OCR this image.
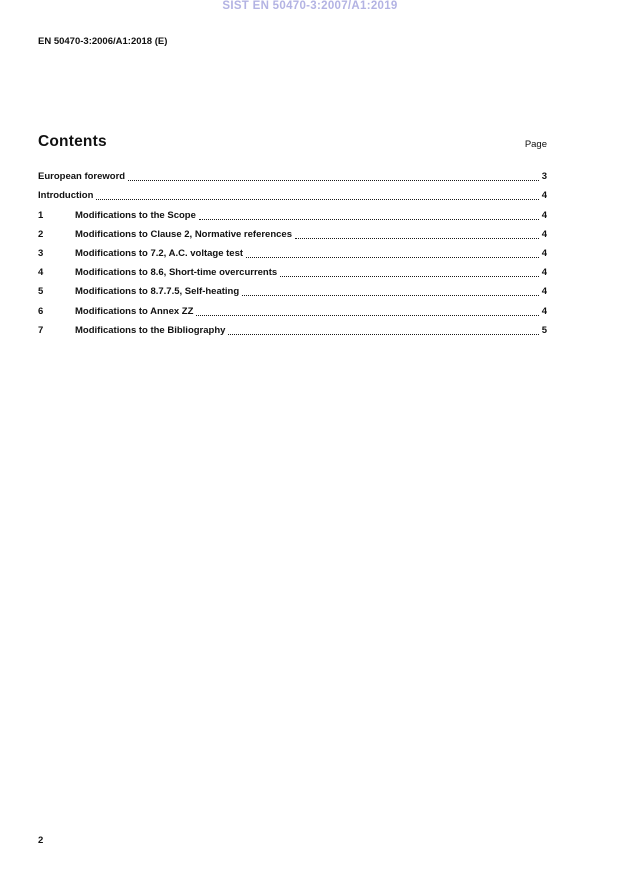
SIST EN 50470-3:2007/A1:2019
EN 50470-3:2006/A1:2018 (E)
Contents	Page
European foreword	3
Introduction	4
1	Modifications to the Scope	4
2	Modifications to Clause 2, Normative references	4
3	Modifications to 7.2, A.C. voltage test	4
4	Modifications to 8.6, Short-time overcurrents	4
5	Modifications to 8.7.7.5, Self-heating	4
6	Modifications to Annex ZZ	4
7	Modifications to the Bibliography	5
2
